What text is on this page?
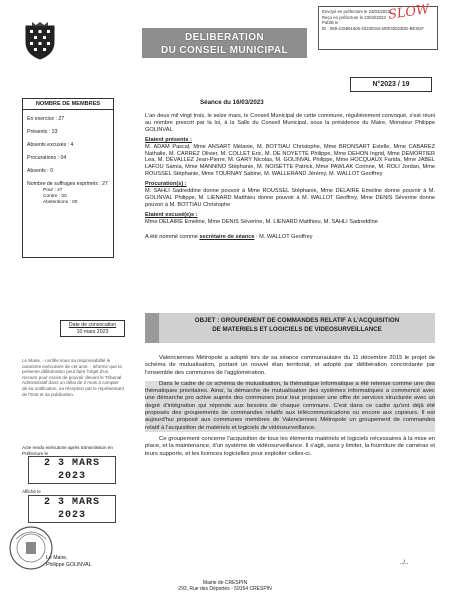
DELIBERATION
DU CONSEIL MUNICIPAL
Envoyé en préfecture le 23/03/2023
Reçu en préfecture le 23/03/2023
Publié le
ID : 059-215901606-20230316-M0032023DE-BESDF
SLOW
N°2023 / 19
NOMBRE DE MEMBRES
En exercice : 27
Présents : 23
Absents excusés : 4
Procurations : 04
Absents : 0
Nombre de suffrages exprimés : 27
Pour : 27
Contre : 00
Abstentions : 00
Date de convocation
10 mars 2023
Le Maire, - certifie sous sa responsabilité le caractère exécutoire de cet acte. - informe que la présente délibération peut faire l'objet d'un recours pour excès de pouvoir devant le Tribunal Administratif dans un délai de 2 mois à compter de sa notification, sa réception par le représentant de l'Etat et sa publication.
Acte rendu exécutoire après transmission en Préfecture le
2 3 MARS 2023
Affiché le
2 3 MARS 2023
Le Maire,
Philippe GOLINVAL
Séance du 16/03/2023

L'an deux mil vingt trois, le seize mars, le Conseil Municipal de cette commune, régulièrement convoqué, s'est réuni au nombre prescrit par la loi, à la Salle du Conseil Municipal, sous la présidence du Maire, Monsieur Philippe GOLINVAL

Etaient présents :

M. ADAM Pascal, Mme ANSART Mélanie, M. BOTTIAU Christophe, Mme BRONSART Estelle, Mme CABAREZ Nathalie, M. CARREZ Olivier, M. COLLET Eric, M. DE NOYETTE Philippe, Mme DEHON Ingrid, Mme DEMORTIER Lea, M. DEVALLEZ Jean-Pierre, M. GARY Nicolas, M. GOLINVAL Philippe, Mme HOCQUAUX Farida, Mme JABEL LAFOU Samia, Mme MANNINO Stéphanie, M. NOISETTE Patrick, Mme PAWLAK Corinne, M. ROLI Jordan, Mme ROUSSEL Stéphanie, Mme TOURNAY Sabine, M. WALLERAND Jérémy, M. WALLOT Geoffrey

Procuration(s) :

M. SAHLI Sadreddine donne pouvoir à Mme ROUSSEL Stéphanie, Mme DELAIRE Emeline donne pouvoir à M. GOLINVAL Philippe, M. LIENARD Matthieu donne pouvoir à M. WALLOT Geoffrey, Mme DENIS Séverine donne pouvoir à M. BOTTIAU Christophe

Etaient excusé(e)s :

Mme DELAIRE Emeline, Mme DENIS Séverine, M. LIENARD Matthieu, M. SAHLI Sadreddine

A été nommé comme secrétaire de séance : M. WALLOT Geoffrey

OBJET : GROUPEMENT DE COMMANDES RELATIF A L'ACQUISITION
DE MATERIELS ET LOGICIELS DE VIDEOSURVEILLANCE

Valenciennes Métropole a adopté lors de sa séance communautaire du 11 décembre 2015 le projet de schéma de mutualisation, portant un nouvel élan territorial, et adopté par délibération concordante par l'ensemble des communes de l'agglomération.

Dans le cadre de ce schéma de mutualisation, la thématique informatique a été retenue comme une des thématiques prioritaires. Ainsi, la démarche de mutualisation des systèmes informatiques a commencé avec une démarche pro active auprès des communes pour leur proposer une offre de services structurée avec un degré d'intégration qui réponde aux besoins de chaque commune. C'est dans ce cadre qu'ont déjà été proposés des groupements de commandes relatifs aux télécommunications ou encore aux copieurs. Il est aujourd'hui proposé aux communes membres de Valenciennes Métropole un groupement de commandes relatif à l'acquisition de matériels et logiciels de vidéosurveillance.

Ce groupement concerne l'acquisition de tous les éléments matériels et logiciels nécessaires à la mise en place, et la maintenance, d'un système de vidéosurveillance. Il s'agit, sans y limiter, la fourniture de caméras et leurs supports, et les licences logicielles pour exploiter celles-ci.

../..
Mairie de CRESPIN
293, Rue des Déportés - 59154 CRESPIN
